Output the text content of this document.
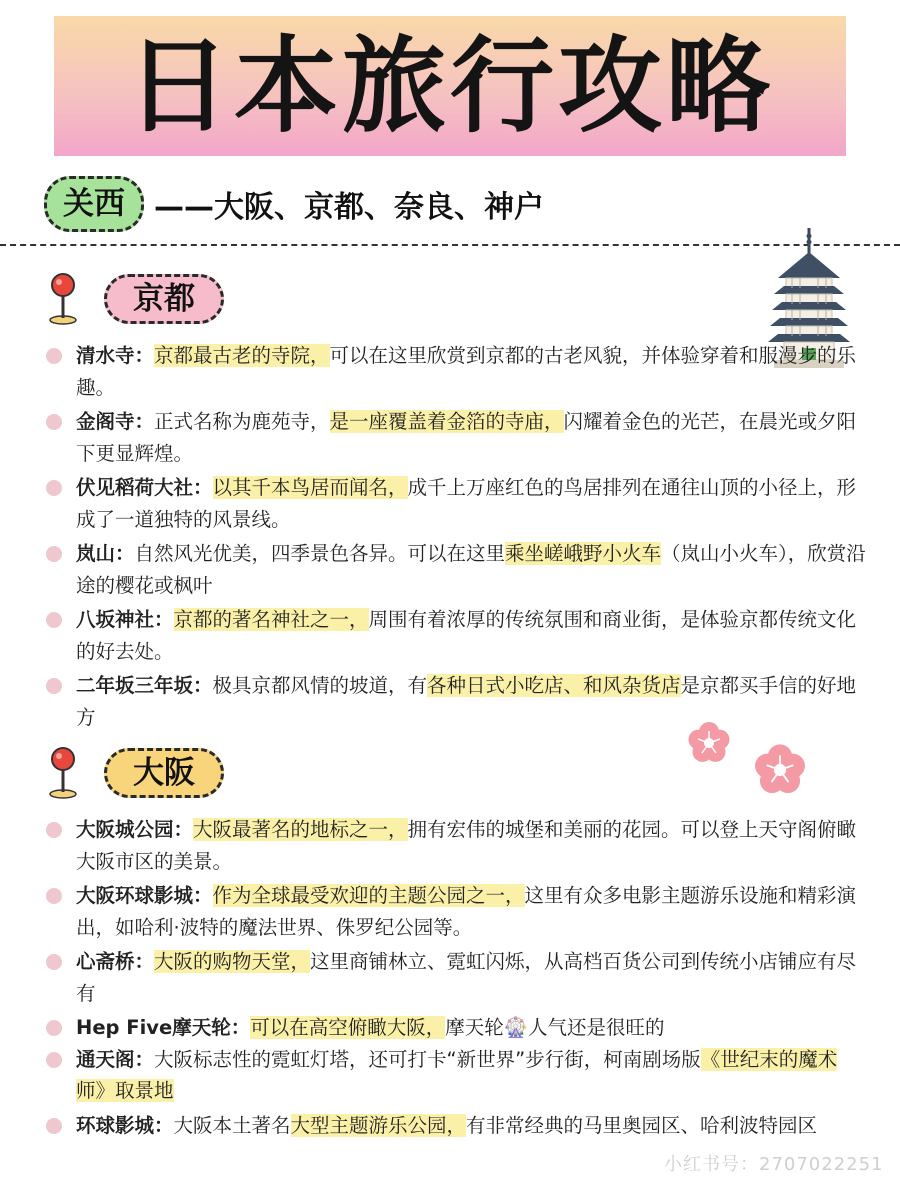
日本旅行攻略
关西 ——大阪、京都、奈良、神户
京都
清水寺：京都最古老的寺院，可以在这里欣赏到京都的古老风貌，并体验穿着和服漫步的乐趣。
金阁寺：正式名称为鹿苑寺，是一座覆盖着金箔的寺庙，闪耀着金色的光芒，在晨光或夕阳下更显辉煌。
伏见稻荷大社：以其千本鸟居而闻名，成千上万座红色的鸟居排列在通往山顶的小径上，形成了一道独特的风景线。
岚山：自然风光优美，四季景色各异。可以在这里乘坐嵯峨野小火车（岚山小火车），欣赏沿途的樱花或枫叶
八坂神社：京都的著名神社之一，周围有着浓厚的传统氛围和商业街，是体验京都传统文化的好去处。
二年坂三年坂：极具京都风情的坡道，有各种日式小吃店、和风杂货店是京都买手信的好地方
大阪
大阪城公园：大阪最著名的地标之一，拥有宏伟的城堡和美丽的花园。可以登上天守阁俯瞰大阪市区的美景。
大阪环球影城：作为全球最受欢迎的主题公园之一，这里有众多电影主题游乐设施和精彩演出，如哈利·波特的魔法世界、侏罗纪公园等。
心斋桥：大阪的购物天堂，这里商铺林立、霓虹闪烁，从高档百货公司到传统小店铺应有尽有
Hep Five摩天轮：可以在高空俯瞰大阪，摩天轮🎡人气还是很旺的
通天阁：大阪标志性的霓虹灯塔，还可打卡“新世界”步行街，柯南剧场版《世纪末的魔术师》取景地
环球影城：大阪本土著名大型主题游乐公园，有非常经典的马里奥园区、哈利波特园区
小红书号：2707022251
